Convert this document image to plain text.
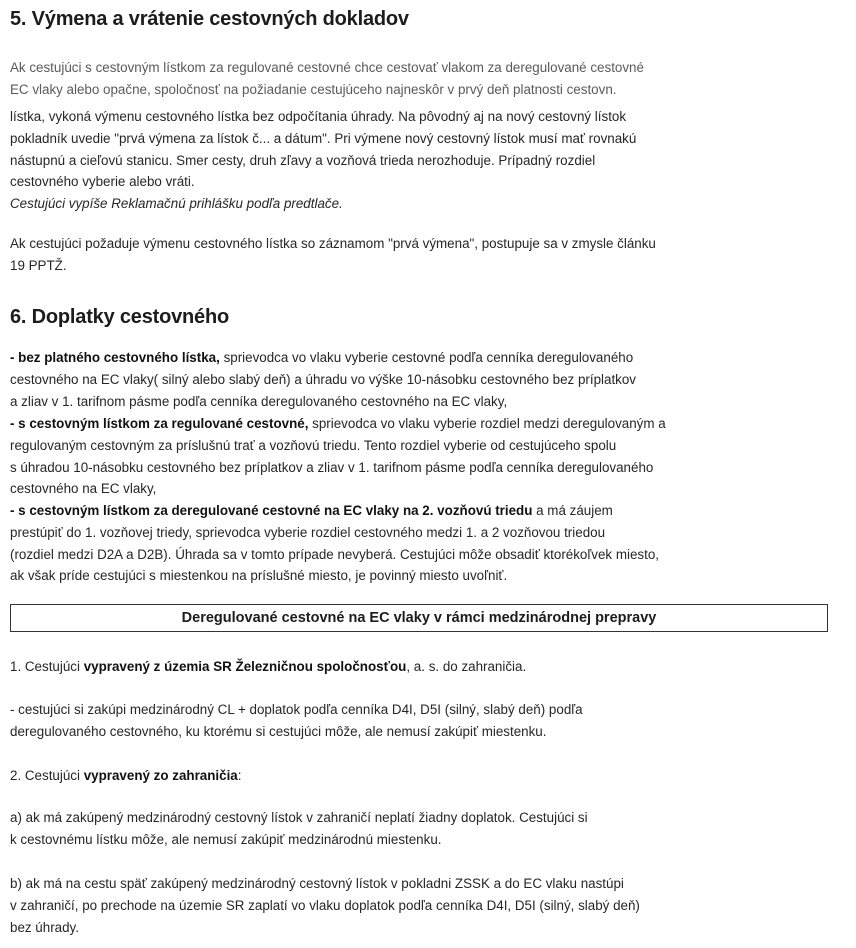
5. Výmena a vrátenie cestovných dokladov

Ak cestujúci s cestovným lístkom za regulované cestovné chce cestovať vlakom za deregulované cestovné
EC vlaky alebo opačne, spoločnosť na požiadanie cestujúceho najneskôr v prvý deň platnosti cestovn.

lístka, vykoná výmenu cestovného lístka bez odpočítania úhrady. Na pôvodný aj na nový cestovný lístok
pokladník uvedie "prvá výmena za lístok č... a dátum". Pri výmene nový cestovný lístok musí mať rovnakú
nástupnú a cieľovú stanicu. Smer cesty, druh zľavy a vozňová trieda nerozhoduje. Prípadný rozdiel
cestovného vyberie alebo vráti.
Cestujúci vypíše Reklamačnú prihlášku podľa predtlače.

Ak cestujúci požaduje výmenu cestovného lístka so záznamom "prvá výmena", postupuje sa v zmysle článku
19 PPTŽ.

6. Doplatky cestovného

- bez platného cestovného lístka, sprievodca vo vlaku vyberie cestovné podľa cenníka deregulovaného
cestovného na EC vlaky( silný alebo slabý deň) a úhradu vo výške 10-násobku cestovného bez príplatkov
a zliav v 1. tarifnom pásme podľa cenníka deregulovaného cestovného na EC vlaky,

- s cestovným lístkom za regulované cestovné, sprievodca vo vlaku vyberie rozdiel medzi deregulovaným a
regulovaným cestovným za príslušnú trať a vozňovú triedu. Tento rozdiel vyberie od cestujúceho spolu
s úhradou 10-násobku cestovného bez príplatkov a zliav v 1. tarifnom pásme podľa cenníka deregulovaného
cestovného na EC vlaky,

- s cestovným lístkom za deregulované cestovné na EC vlaky na 2. vozňovú triedu a má záujem
prestúpiť do 1. vozňovej triedy, sprievodca vyberie rozdiel cestovného medzi 1. a 2 vozňovou triedou
(rozdiel medzi D2A a D2B). Úhrada sa v tomto prípade nevyberá. Cestujúci môže obsadiť ktorékoľvek miesto,
ak však príde cestujúci s miestenkou na príslušné miesto, je povinný miesto uvoľniť.

Deregulované cestovné na EC vlaky v rámci medzinárodnej prepravy

1. Cestujúci vypravený z územia SR Železničnou spoločnosťou, a. s. do zahraničia.

- cestujúci si zakúpi medzinárodný CL + doplatok podľa cenníka D4I, D5I (silný, slabý deň) podľa
deregulovaného cestovného, ku ktorému si cestujúci môže, ale nemusí zakúpiť miestenku.

2. Cestujúci vypravený zo zahraničia:

a) ak má zakúpený medzinárodný cestovný lístok v zahraničí neplatí žiadny doplatok. Cestujúci si
k cestovnému lístku môže, ale nemusí zakúpiť medzinárodnú miestenku.

b) ak má na cestu späť zakúpený medzinárodný cestovný lístok v pokladni ZSSK a do EC vlaku nastúpi
v zahraničí, po prechode na územie SR zaplatí vo vlaku doplatok podľa cenníka D4I, D5I (silný, slabý deň)
bez úhrady.
